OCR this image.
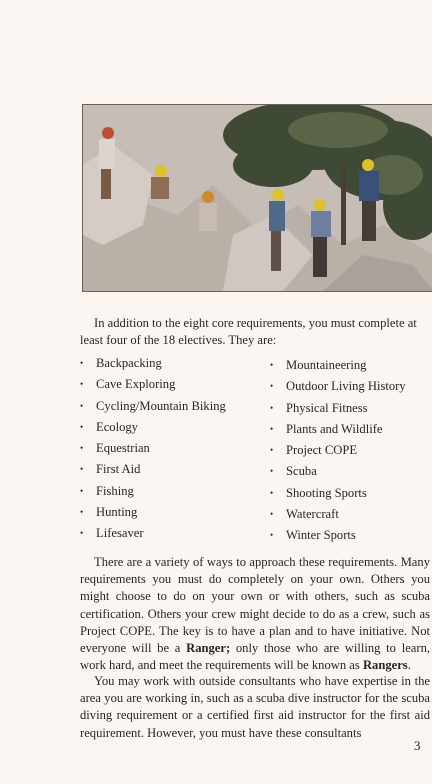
In addition to the eight core requirements, you must complete at least four of the 18 electives. They are:

• Backpacking
• Cave Exploring
• Cycling/Mountain Biking
• Ecology
• Equestrian
• First Aid
• Fishing
• Hunting
• Lifesaver
• Mountaineering
• Outdoor Living History
• Physical Fitness
• Plants and Wildlife
• Project COPE
• Scuba
• Shooting Sports
• Watercraft
• Winter Sports

There are a variety of ways to approach these requirements. Many requirements you must do completely on your own. Others you might choose to do on your own or with others, such as scuba certification. Others your crew might decide to do as a crew, such as Project COPE. The key is to have a plan and to have initiative. Not everyone will be a Ranger; only those who are willing to learn, work hard, and meet the requirements will be known as Rangers.

You may work with outside consultants who have expertise in the area you are working in, such as a scuba dive instructor for the scuba diving requirement or a certified first aid instructor for the first aid requirement. However, you must have these consultants

3
